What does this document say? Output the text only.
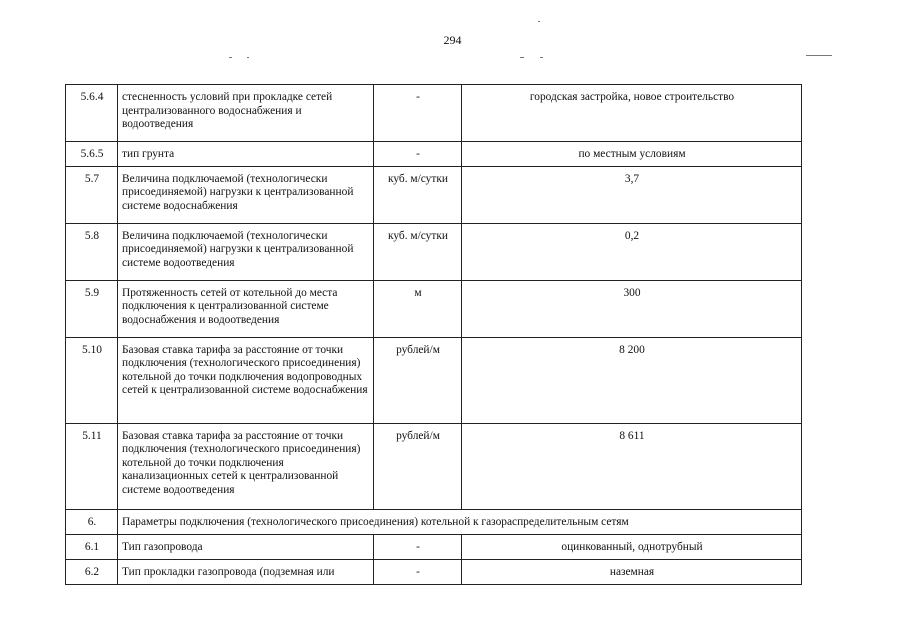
294
5.6.4	стесненность условий при прокладке сетей централизованного водоснабжения и водоотведения	-	городская застройка, новое строительство
5.6.5	тип грунта	-	по местным условиям
5.7	Величина подключаемой (технологически присоединяемой) нагрузки к централизованной системе водоснабжения	куб. м/сутки	3,7
5.8	Величина подключаемой (технологически присоединяемой) нагрузки к централизованной системе водоотведения	куб. м/сутки	0,2
5.9	Протяженность сетей от котельной до места подключения к централизованной системе водоснабжения и водоотведения	м	300
5.10	Базовая ставка тарифа за расстояние от точки подключения (технологического присоединения) котельной до точки подключения водопроводных сетей к централизованной системе водоснабжения	рублей/м	8 200
5.11	Базовая ставка тарифа за расстояние от точки подключения (технологического присоединения) котельной до точки подключения канализационных сетей к централизованной системе водоотведения	рублей/м	8 611
6.	Параметры подключения (технологического присоединения) котельной к газораспределительным сетям		
6.1	Тип газопровода	-	оцинкованный, однотрубный
6.2	Тип прокладки газопровода (подземная или	-	наземная
